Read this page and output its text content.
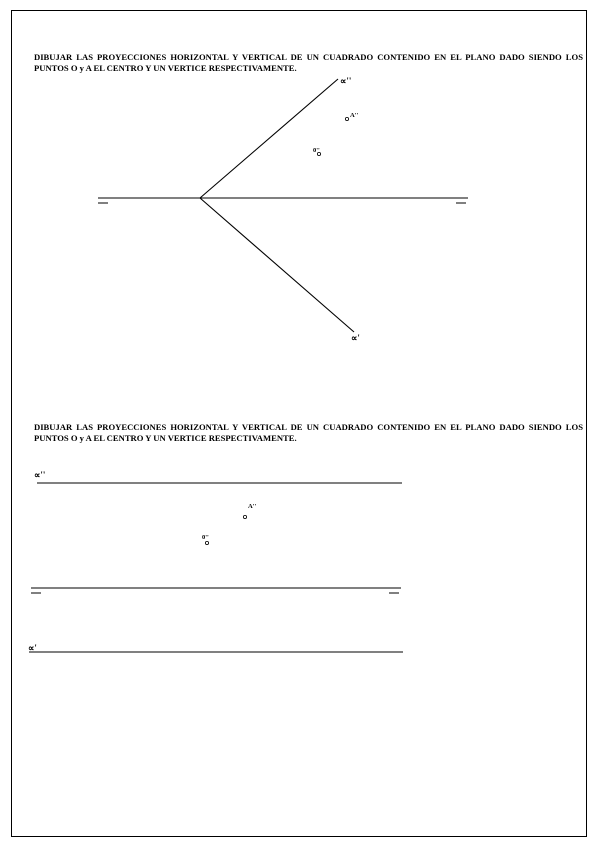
DIBUJAR LAS PROYECCIONES HORIZONTAL Y VERTICAL DE UN CUADRADO CONTENIDO EN EL PLANO DADO SIENDO LOS PUNTOS O y A EL CENTRO Y UN VERTICE RESPECTIVAMENTE.
DIBUJAR LAS PROYECCIONES HORIZONTAL Y VERTICAL DE UN CUADRADO CONTENIDO EN EL PLANO DADO SIENDO LOS PUNTOS O y A EL CENTRO Y UN VERTICE RESPECTIVAMENTE.
∝''
∝'
A''
0''
∝''
∝'
A''
0''
